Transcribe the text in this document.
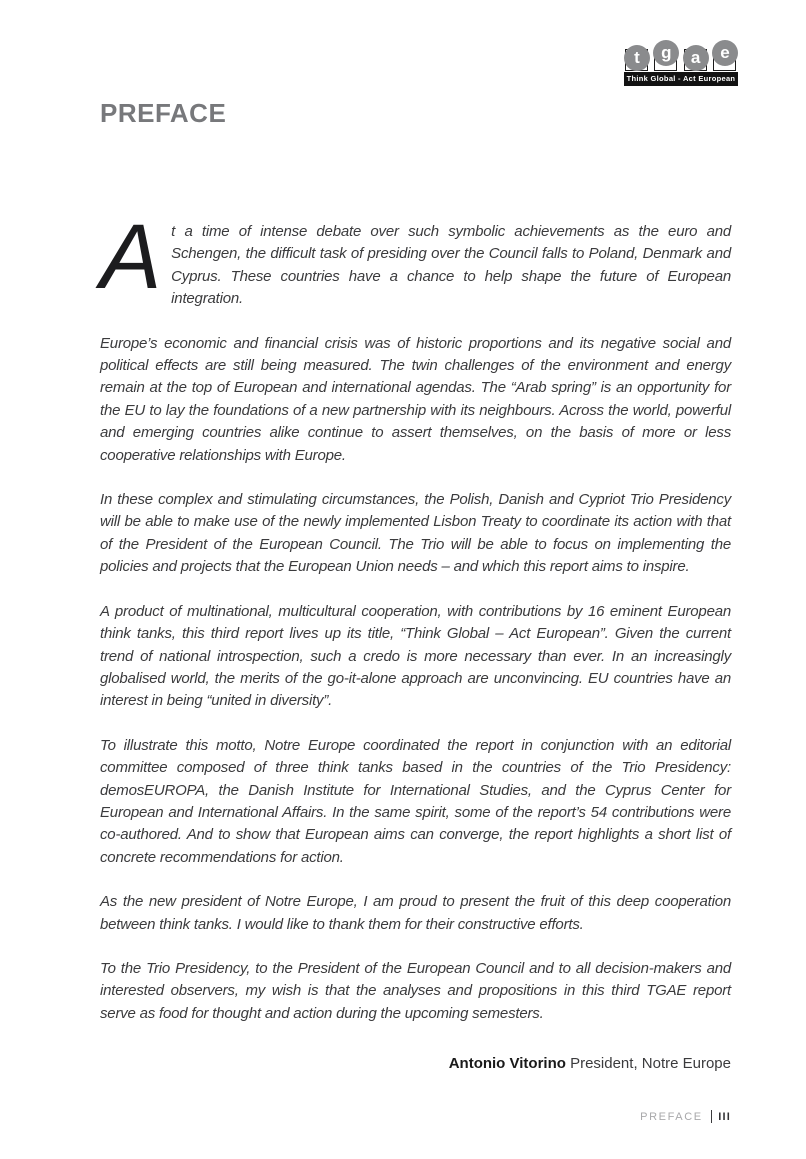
t	g	a	e
Think Global - Act European
PREFACE

At a time of intense debate over such symbolic achievements as the euro and Schengen, the difficult task of presiding over the Council falls to Poland, Denmark and Cyprus. These countries have a chance to help shape the future of European integration.

Europe’s economic and financial crisis was of historic proportions and its negative social and political effects are still being measured. The twin challenges of the environment and energy remain at the top of European and international agendas. The “Arab spring” is an opportunity for the EU to lay the foundations of a new partnership with its neighbours. Across the world, powerful and emerging countries alike continue to assert themselves, on the basis of more or less cooperative relationships with Europe.

In these complex and stimulating circumstances, the Polish, Danish and Cypriot Trio Presidency will be able to make use of the newly implemented Lisbon Treaty to coordinate its action with that of the President of the European Council. The Trio will be able to focus on implementing the policies and projects that the European Union needs – and which this report aims to inspire.

A product of multinational, multicultural cooperation, with contributions by 16 eminent European think tanks, this third report lives up its title, “Think Global – Act European”. Given the current trend of national introspection, such a credo is more necessary than ever. In an increasingly globalised world, the merits of the go-it-alone approach are unconvincing. EU countries have an interest in being “united in diversity”.

To illustrate this motto, Notre Europe coordinated the report in conjunction with an editorial committee composed of three think tanks based in the countries of the Trio Presidency: demosEUROPA, the Danish Institute for International Studies, and the Cyprus Center for European and International Affairs. In the same spirit, some of the report’s 54 contributions were co-authored. And to show that European aims can converge, the report highlights a short list of concrete recommendations for action.

As the new president of Notre Europe, I am proud to present the fruit of this deep cooperation between think tanks. I would like to thank them for their constructive efforts.

To the Trio Presidency, to the President of the European Council and to all decision-makers and interested observers, my wish is that the analyses and propositions in this third TGAE report serve as food for thought and action during the upcoming semesters.

Antonio Vitorino President, Notre Europe
PREFACE III
